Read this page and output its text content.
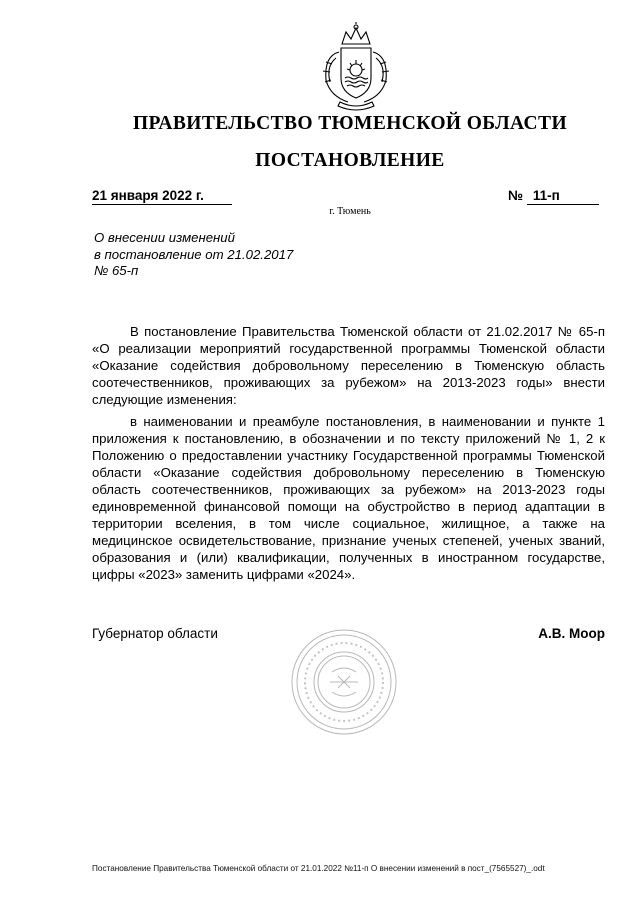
ПРАВИТЕЛЬСТВО ТЮМЕНСКОЙ ОБЛАСТИ
ПОСТАНОВЛЕНИЕ
21 января 2022 г.	№ 11-п
г. Тюмень
О внесении изменений
в постановление от 21.02.2017
№ 65-п

В постановление Правительства Тюменской области от 21.02.2017 № 65-п «О реализации мероприятий государственной программы Тюменской области «Оказание содействия добровольному переселению в Тюменскую область соотечественников, проживающих за рубежом» на 2013-2023 годы» внести следующие изменения:

в наименовании и преамбуле постановления, в наименовании и пункте 1 приложения к постановлению, в обозначении и по тексту приложений № 1, 2 к Положению о предоставлении участнику Государственной программы Тюменской области «Оказание содействия добровольному переселению в Тюменскую область соотечественников, проживающих за рубежом» на 2013-2023 годы единовременной финансовой помощи на обустройство в период адаптации в территории вселения, в том числе социальное, жилищное, а также на медицинское освидетельствование, признание ученых степеней, ученых званий, образования и (или) квалификации, полученных в иностранном государстве, цифры «2023» заменить цифрами «2024».

Губернатор области	А.В. Моор
Постановление Правительства Тюменской области от 21.01.2022 №11-п О внесении изменений в пост_(7565527)_.odt
